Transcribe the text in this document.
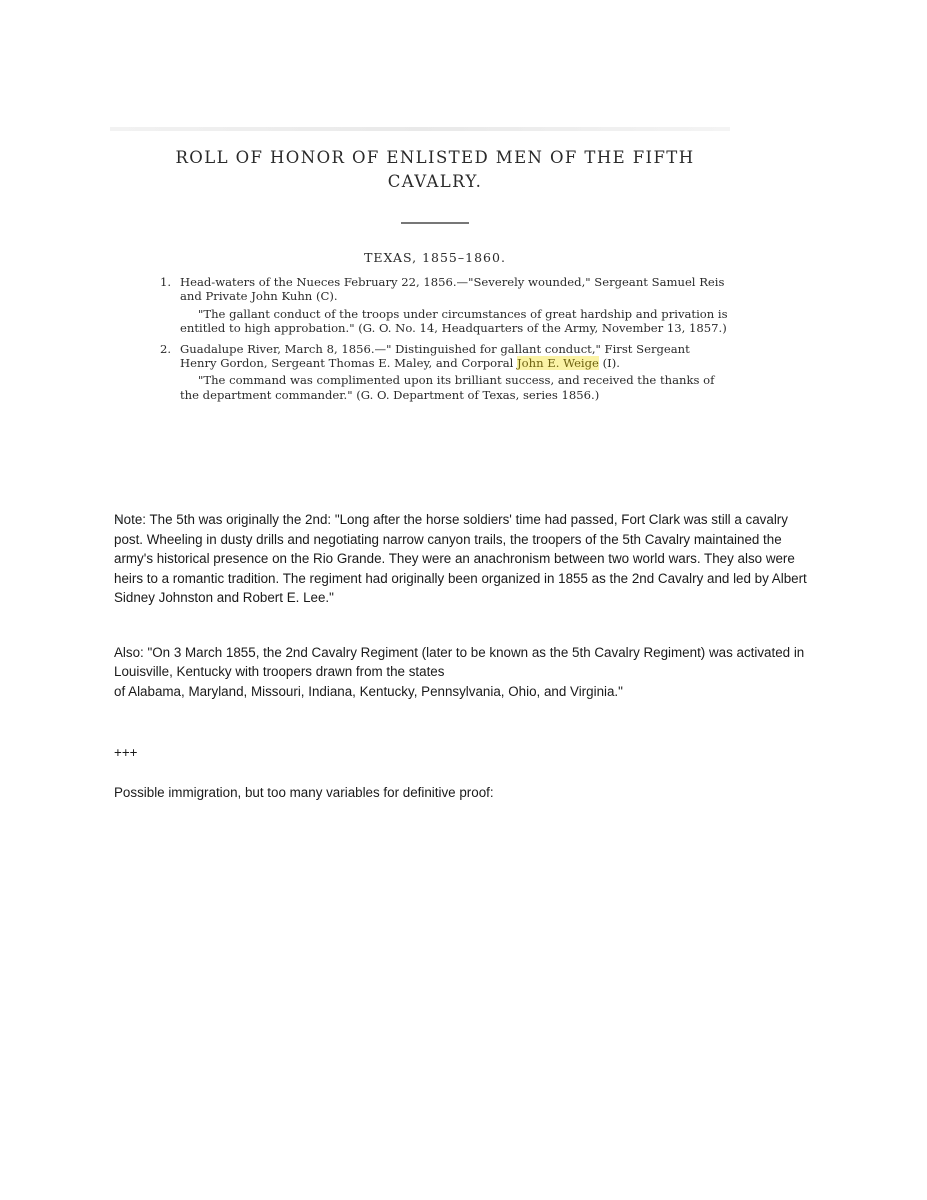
ROLL OF HONOR OF ENLISTED MEN OF THE FIFTH CAVALRY.
TEXAS, 1855–1860.
1. Head-waters of the Nueces February 22, 1856.—"Severely wounded," Sergeant Samuel Reis and Private John Kuhn (C).

"The gallant conduct of the troops under circumstances of great hardship and privation is entitled to high approbation." (G. O. No. 14, Headquarters of the Army, November 13, 1857.)

2. Guadalupe River, March 8, 1856.—" Distinguished for gallant conduct," First Sergeant Henry Gordon, Sergeant Thomas E. Maley, and Corporal John E. Weige (I).

"The command was complimented upon its brilliant success, and received the thanks of the department commander." (G. O. Department of Texas, series 1856.)

Note: The 5th was originally the 2nd: "Long after the horse soldiers' time had passed, Fort Clark was still a cavalry post. Wheeling in dusty drills and negotiating narrow canyon trails, the troopers of the 5th Cavalry maintained the army's historical presence on the Rio Grande. They were an anachronism between two world wars. They also were heirs to a romantic tradition. The regiment had originally been organized in 1855 as the 2nd Cavalry and led by Albert Sidney Johnston and Robert E. Lee."

Also: "On 3 March 1855, the 2nd Cavalry Regiment (later to be known as the 5th Cavalry Regiment) was activated in Louisville, Kentucky with troopers drawn from the states
of Alabama, Maryland, Missouri, Indiana, Kentucky, Pennsylvania, Ohio, and Virginia."

+++

Possible immigration, but too many variables for definitive proof:
